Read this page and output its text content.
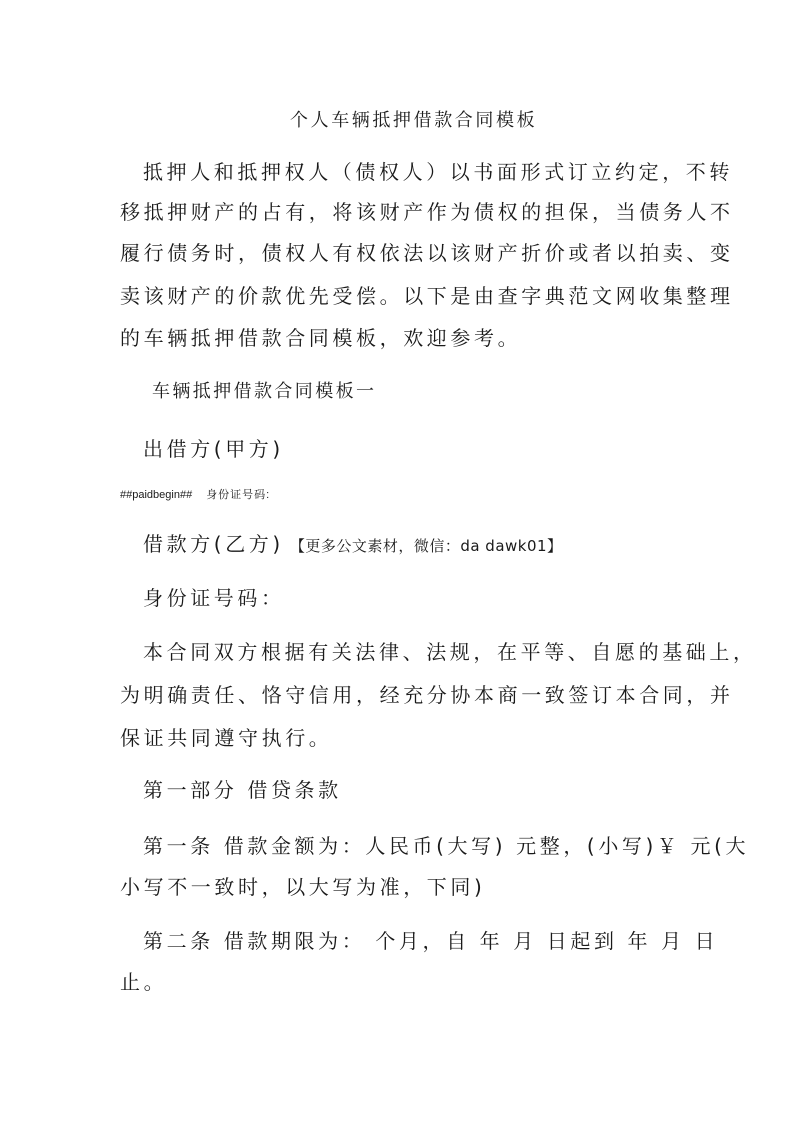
个人车辆抵押借款合同模板
抵押人和抵押权人（债权人）以书面形式订立约定，不转
移抵押财产的占有，将该财产作为债权的担保，当债务人不
履行债务时，债权人有权依法以该财产折价或者以拍卖、变
卖该财产的价款优先受偿。以下是由查字典范文网收集整理
的车辆抵押借款合同模板，欢迎参考。
车辆抵押借款合同模板一
出借方(甲方)
##paidbegin## 身份证号码:
借款方(乙方) 【更多公文素材，微信：da dawk01】
身份证号码：
本合同双方根据有关法律、法规，在平等、自愿的基础上，
为明确责任、恪守信用，经充分协本商一致签订本合同，并
保证共同遵守执行。
第一部分 借贷条款
第一条 借款金额为：人民币(大写) 元整，(小写)￥ 元(大
小写不一致时，以大写为准，下同)
第二条 借款期限为： 个月，自 年 月 日起到 年 月 日
止。
